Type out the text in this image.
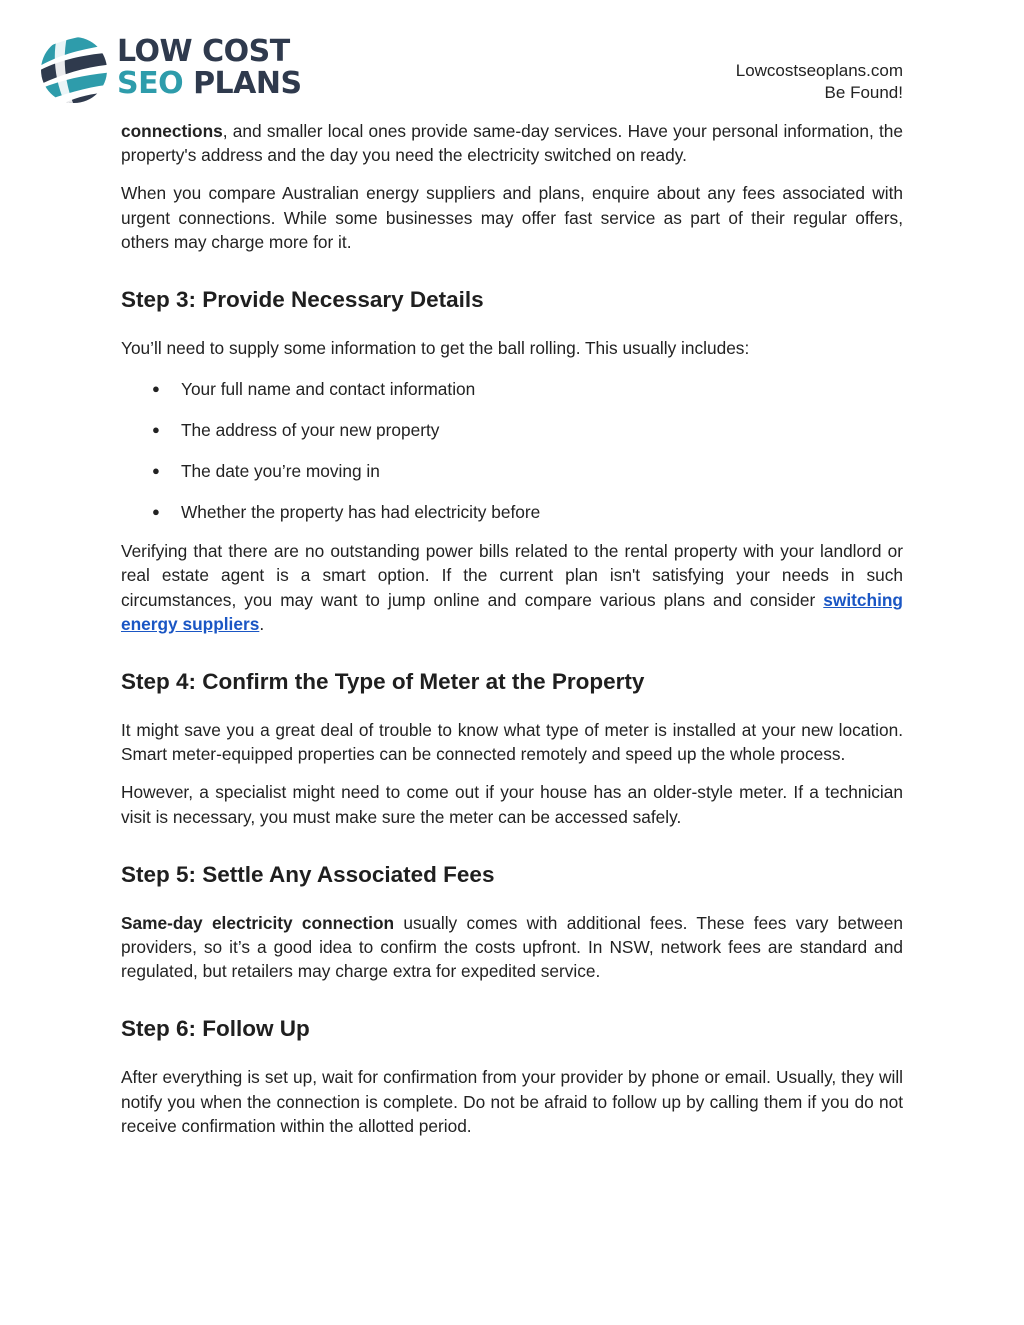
LOW COST
SEO PLANS	Lowcostseoplans.com
Be Found!

connections, and smaller local ones provide same-day services. Have your personal information, the property's address and the day you need the electricity switched on ready.

When you compare Australian energy suppliers and plans, enquire about any fees associated with urgent connections. While some businesses may offer fast service as part of their regular offers, others may charge more for it.

Step 3: Provide Necessary Details

You’ll need to supply some information to get the ball rolling. This usually includes:

● Your full name and contact information
● The address of your new property
● The date you’re moving in
● Whether the property has had electricity before

Verifying that there are no outstanding power bills related to the rental property with your landlord or real estate agent is a smart option. If the current plan isn't satisfying your needs in such circumstances, you may want to jump online and compare various plans and consider switching energy suppliers.

Step 4: Confirm the Type of Meter at the Property

It might save you a great deal of trouble to know what type of meter is installed at your new location. Smart meter-equipped properties can be connected remotely and speed up the whole process.

However, a specialist might need to come out if your house has an older-style meter. If a technician visit is necessary, you must make sure the meter can be accessed safely.

Step 5: Settle Any Associated Fees

Same-day electricity connection usually comes with additional fees. These fees vary between providers, so it’s a good idea to confirm the costs upfront. In NSW, network fees are standard and regulated, but retailers may charge extra for expedited service.

Step 6: Follow Up

After everything is set up, wait for confirmation from your provider by phone or email. Usually, they will notify you when the connection is complete. Do not be afraid to follow up by calling them if you do not receive confirmation within the allotted period.
